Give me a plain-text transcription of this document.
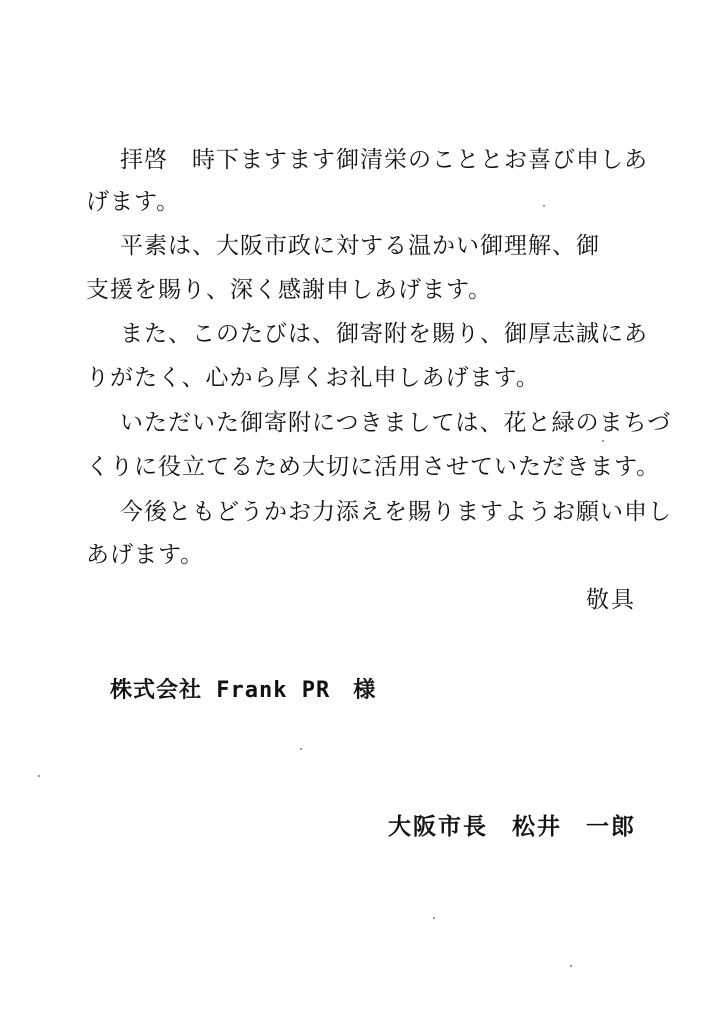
拝啓　時下ますます御清栄のこととお喜び申しあ
げます。
平素は、大阪市政に対する温かい御理解、御
支援を賜り、深く感謝申しあげます。
また、このたびは、御寄附を賜り、御厚志誠にあ
りがたく、心から厚くお礼申しあげます。
いただいた御寄附につきましては、花と緑のまちづ
くりに役立てるため大切に活用させていただきます。
今後ともどうかお力添えを賜りますようお願い申し
あげます。
敬具
株式会社 Frank PR　様
大阪市長 松井 一郎
